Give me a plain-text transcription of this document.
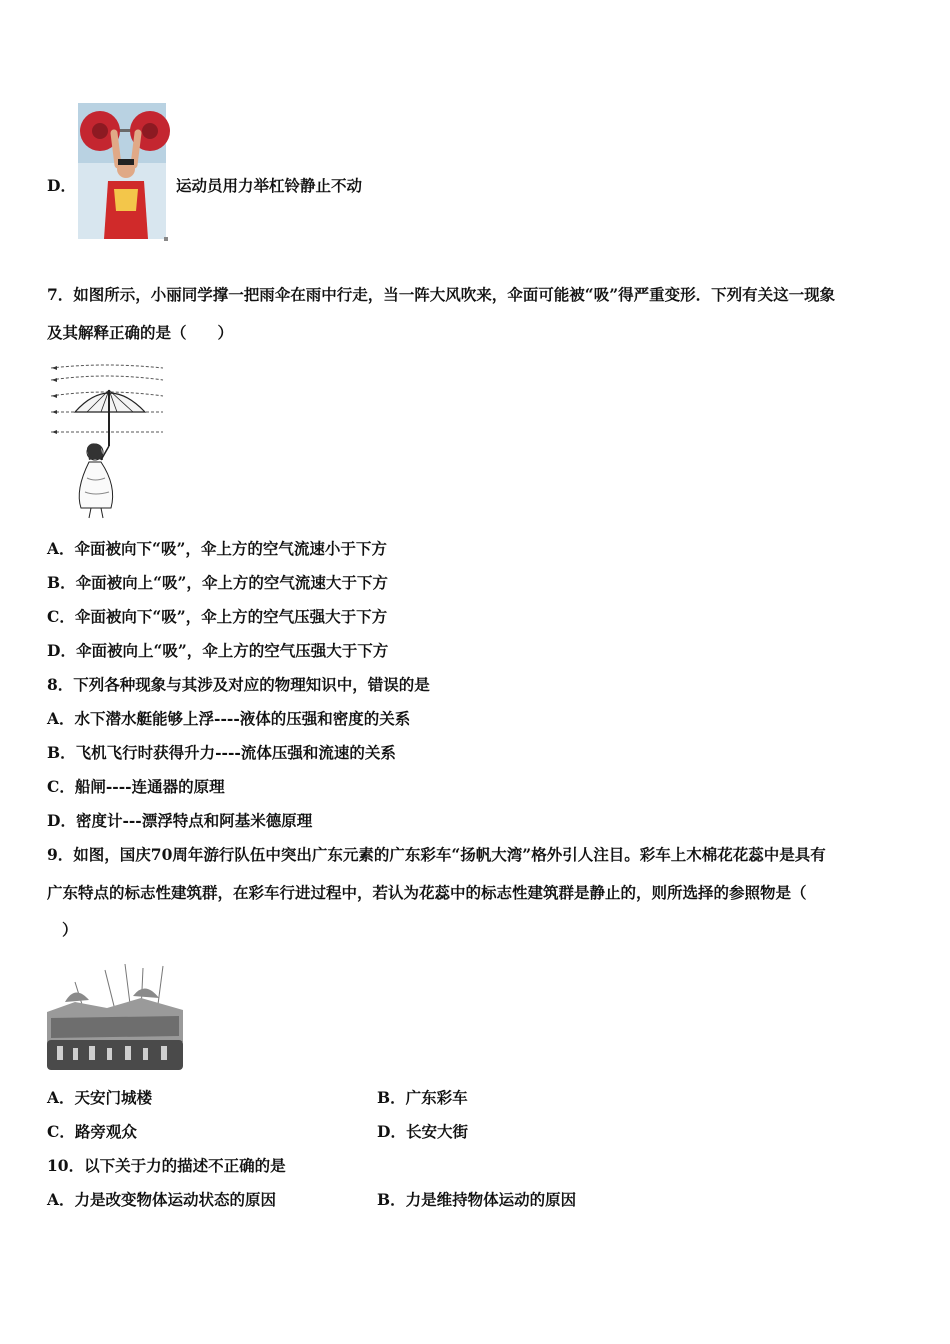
D．	运动员用力举杠铃静止不动
7．如图所示，小丽同学撑一把雨伞在雨中行走，当一阵大风吹来，伞面可能被“吸”得严重变形．下列有关这一现象
及其解释正确的是（　　）
A．伞面被向下“吸”，伞上方的空气流速小于下方
B．伞面被向上“吸”，伞上方的空气流速大于下方
C．伞面被向下“吸”，伞上方的空气压强大于下方
D．伞面被向上“吸”，伞上方的空气压强大于下方
8．下列各种现象与其涉及对应的物理知识中，错误的是
A．水下潜水艇能够上浮----液体的压强和密度的关系
B．飞机飞行时获得升力----流体压强和流速的关系
C．船闸----连通器的原理
D．密度计---漂浮特点和阿基米德原理
9．如图，国庆70周年游行队伍中突出广东元素的广东彩车“扬帆大湾”格外引人注目。彩车上木棉花花蕊中是具有
广东特点的标志性建筑群，在彩车行进过程中，若认为花蕊中的标志性建筑群是静止的，则所选择的参照物是（
）
A．天安门城楼	B．广东彩车
C．路旁观众	D．长安大街
10．以下关于力的描述不正确的是
A．力是改变物体运动状态的原因	B．力是维持物体运动的原因
